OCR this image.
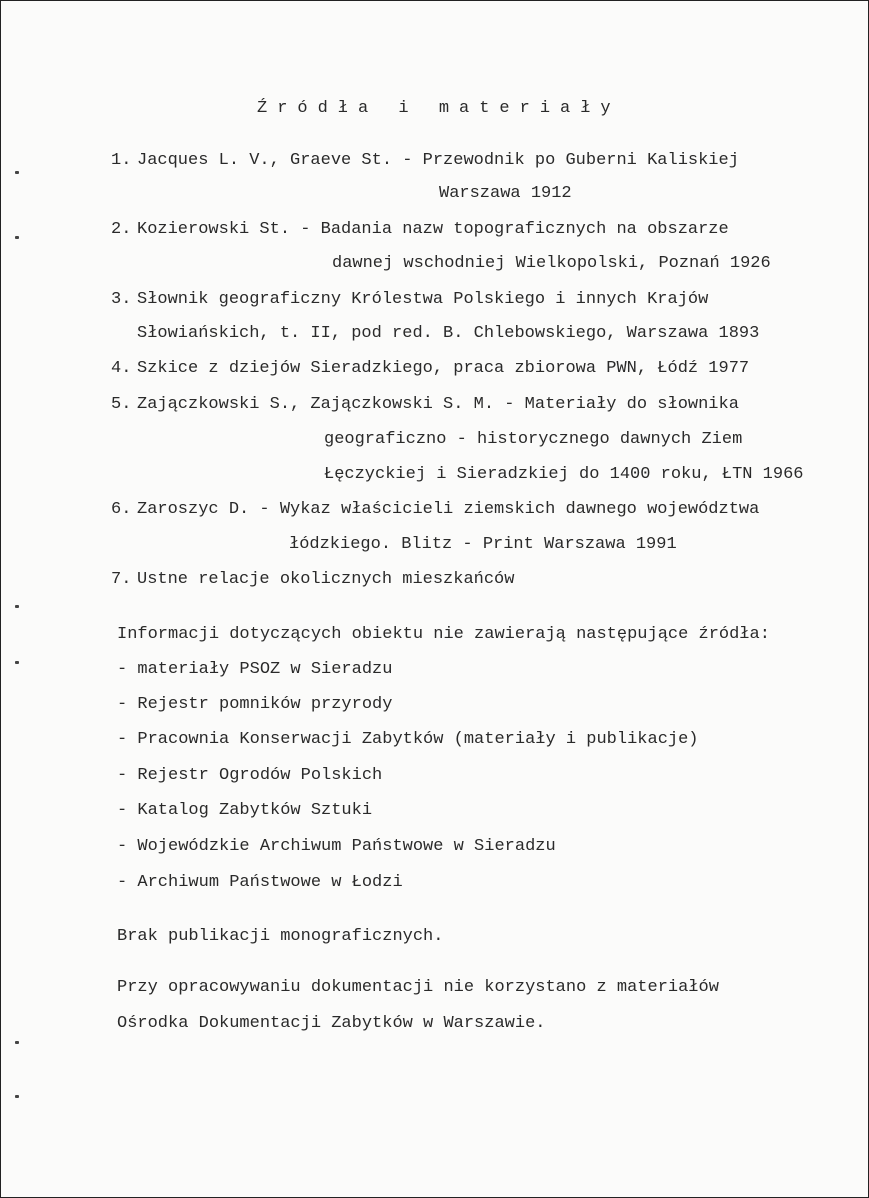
Źródła i materiały
1. Jacques L. V., Graeve St. - Przewodnik po Guberni Kaliskiej
Warszawa 1912
2. Kozierowski St. - Badania nazw topograficznych na obszarze
dawnej wschodniej Wielkopolski, Poznań 1926
3. Słownik geograficzny Królestwa Polskiego i innych Krajów
Słowiańskich, t. II, pod red. B. Chlebowskiego, Warszawa 1893
4. Szkice z dziejów Sieradzkiego, praca zbiorowa PWN, Łódź 1977
5. Zajączkowski S., Zajączkowski S. M. - Materiały do słownika
geograficzno - historycznego dawnych Ziem
Łęczyckiej i Sieradzkiej do 1400 roku, ŁTN 1966
6. Zaroszyc D. - Wykaz właścicieli ziemskich dawnego województwa
łódzkiego. Blitz - Print Warszawa 1991
7. Ustne relacje okolicznych mieszkańców
Informacji dotyczących obiektu nie zawierają następujące źródła:
- materiały PSOZ w Sieradzu
- Rejestr pomników przyrody
- Pracownia Konserwacji Zabytków (materiały i publikacje)
- Rejestr Ogrodów Polskich
- Katalog Zabytków Sztuki
- Wojewódzkie Archiwum Państwowe w Sieradzu
- Archiwum Państwowe w Łodzi
Brak publikacji monograficznych.
Przy opracowywaniu dokumentacji nie korzystano z materiałów
Ośrodka Dokumentacji Zabytków w Warszawie.
